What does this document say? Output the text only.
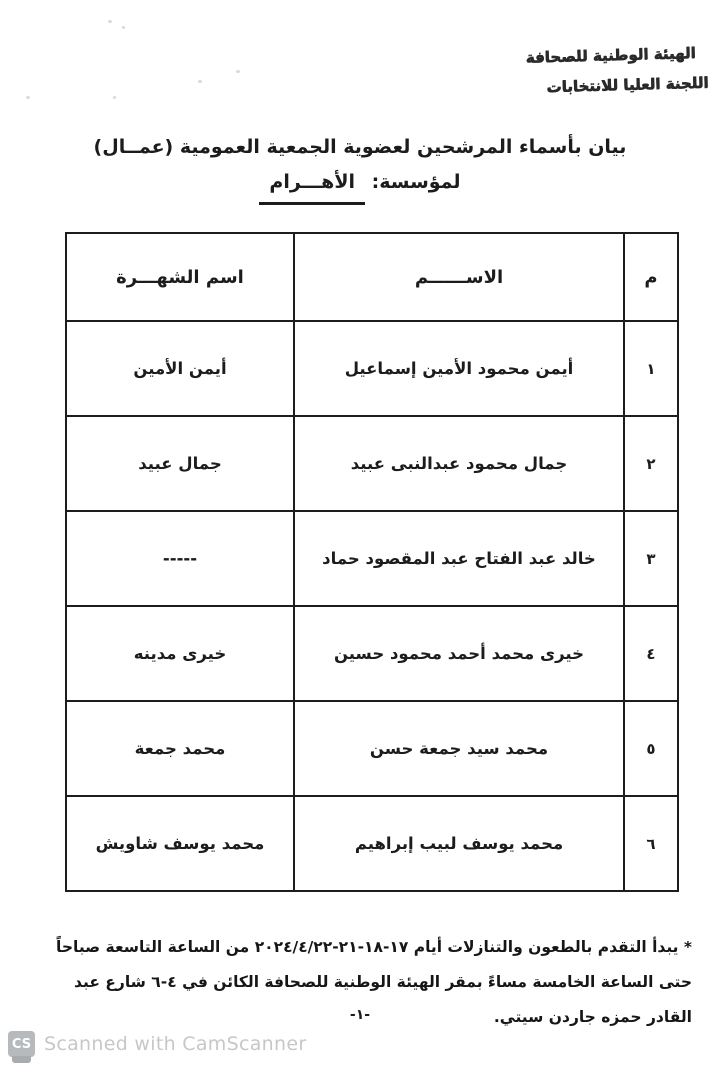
الهيئة الوطنية للصحافة
اللجنة العليا للانتخابات
بيان بأسماء المرشحين لعضوية الجمعية العمومية (عمــال)
لمؤسسة: الأهـــرام
م	الاســــــم	اسم الشهـــرة
١	أيمن محمود الأمين إسماعيل	أيمن الأمين
٢	جمال محمود عبدالنبى عبيد	جمال عبيد
٣	خالد عبد الفتاح عبد المقصود حماد	-----
٤	خيرى محمد أحمد محمود حسين	خيرى مدينه
٥	محمد سيد جمعة حسن	محمد جمعة
٦	محمد يوسف لبيب إبراهيم	محمد يوسف شاويش
* يبدأ التقدم بالطعون والتنازلات أيام ١٧-١٨-٢١-٢٠٢٤/٤/٢٢ من الساعة التاسعة صباحاً حتى الساعة الخامسة مساءً بمقر الهيئة الوطنية للصحافة الكائن في ٤-٦ شارع عبد القادر حمزه جاردن سيتي.
-١-
CS Scanned with CamScanner
